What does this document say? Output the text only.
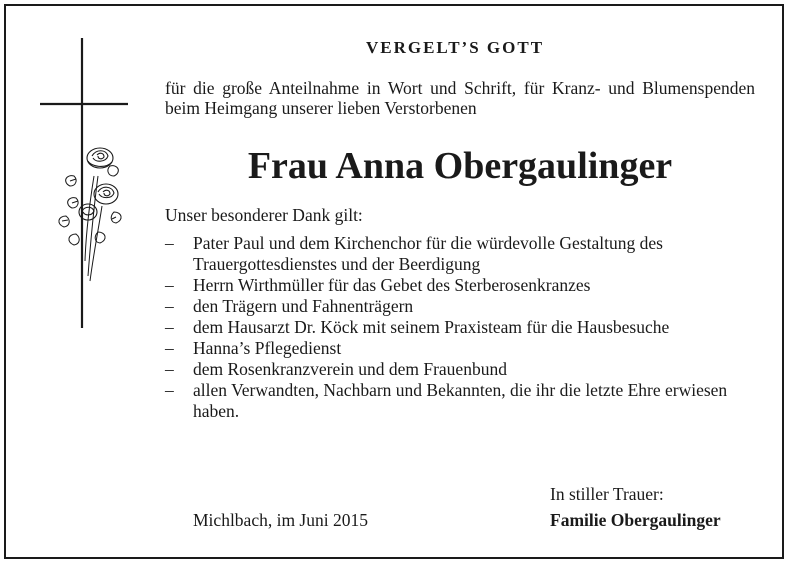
VERGELT’S GOTT

für die große Anteilnahme in Wort und Schrift, für Kranz- und Blumenspenden beim Heimgang unserer lieben Verstorbenen

Frau Anna Obergaulinger

Unser besonderer Dank gilt:

– Pater Paul und dem Kirchenchor für die würdevolle Gestaltung des Trauergottesdienstes und der Beerdigung
– Herrn Wirthmüller für das Gebet des Sterberosenkranzes
– den Trägern und Fahnenträgern
– dem Hausarzt Dr. Köck mit seinem Praxisteam für die Hausbesuche
– Hanna’s Pflegedienst
– dem Rosenkranzverein und dem Frauenbund
– allen Verwandten, Nachbarn und Bekannten, die ihr die letzte Ehre erwiesen haben.

In stiller Trauer:

Michlbach, im Juni 2015	Familie Obergaulinger
